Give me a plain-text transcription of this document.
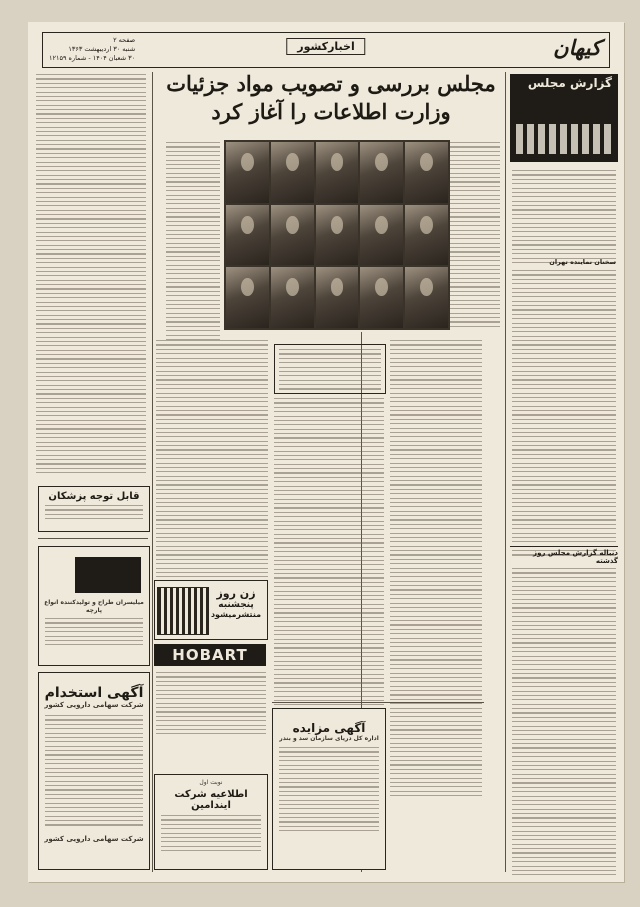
کیهان
اخبارکشور
صفحه ۲
شنبه ۳۰ اردیبهشت ۱۳۶۳
۳۰ شعبان ۱۴۰۴ - شماره ۱۲۱۵۹
مجلس بررسی و تصویب مواد جزئیات
وزارت اطلاعات را آغاز کرد
گزارش مجلس
سخنان نماینده تهران
دنباله گزارش مجلس روز گذشته
قابل توجه پزشکان
میلیسران طراح و تولیدکننده انواع پارچه
آگهی استخدام
شرکت سهامی دارویی کشور
شرکت سهامی دارویی کشور
زن روز
پنجشنبه
منتشرمیشود
HOBART
نوبت اول
اطلاعیه شرکت ایندامین
آگهی مزایده
اداره کل دریای سازمان سد و بندر
